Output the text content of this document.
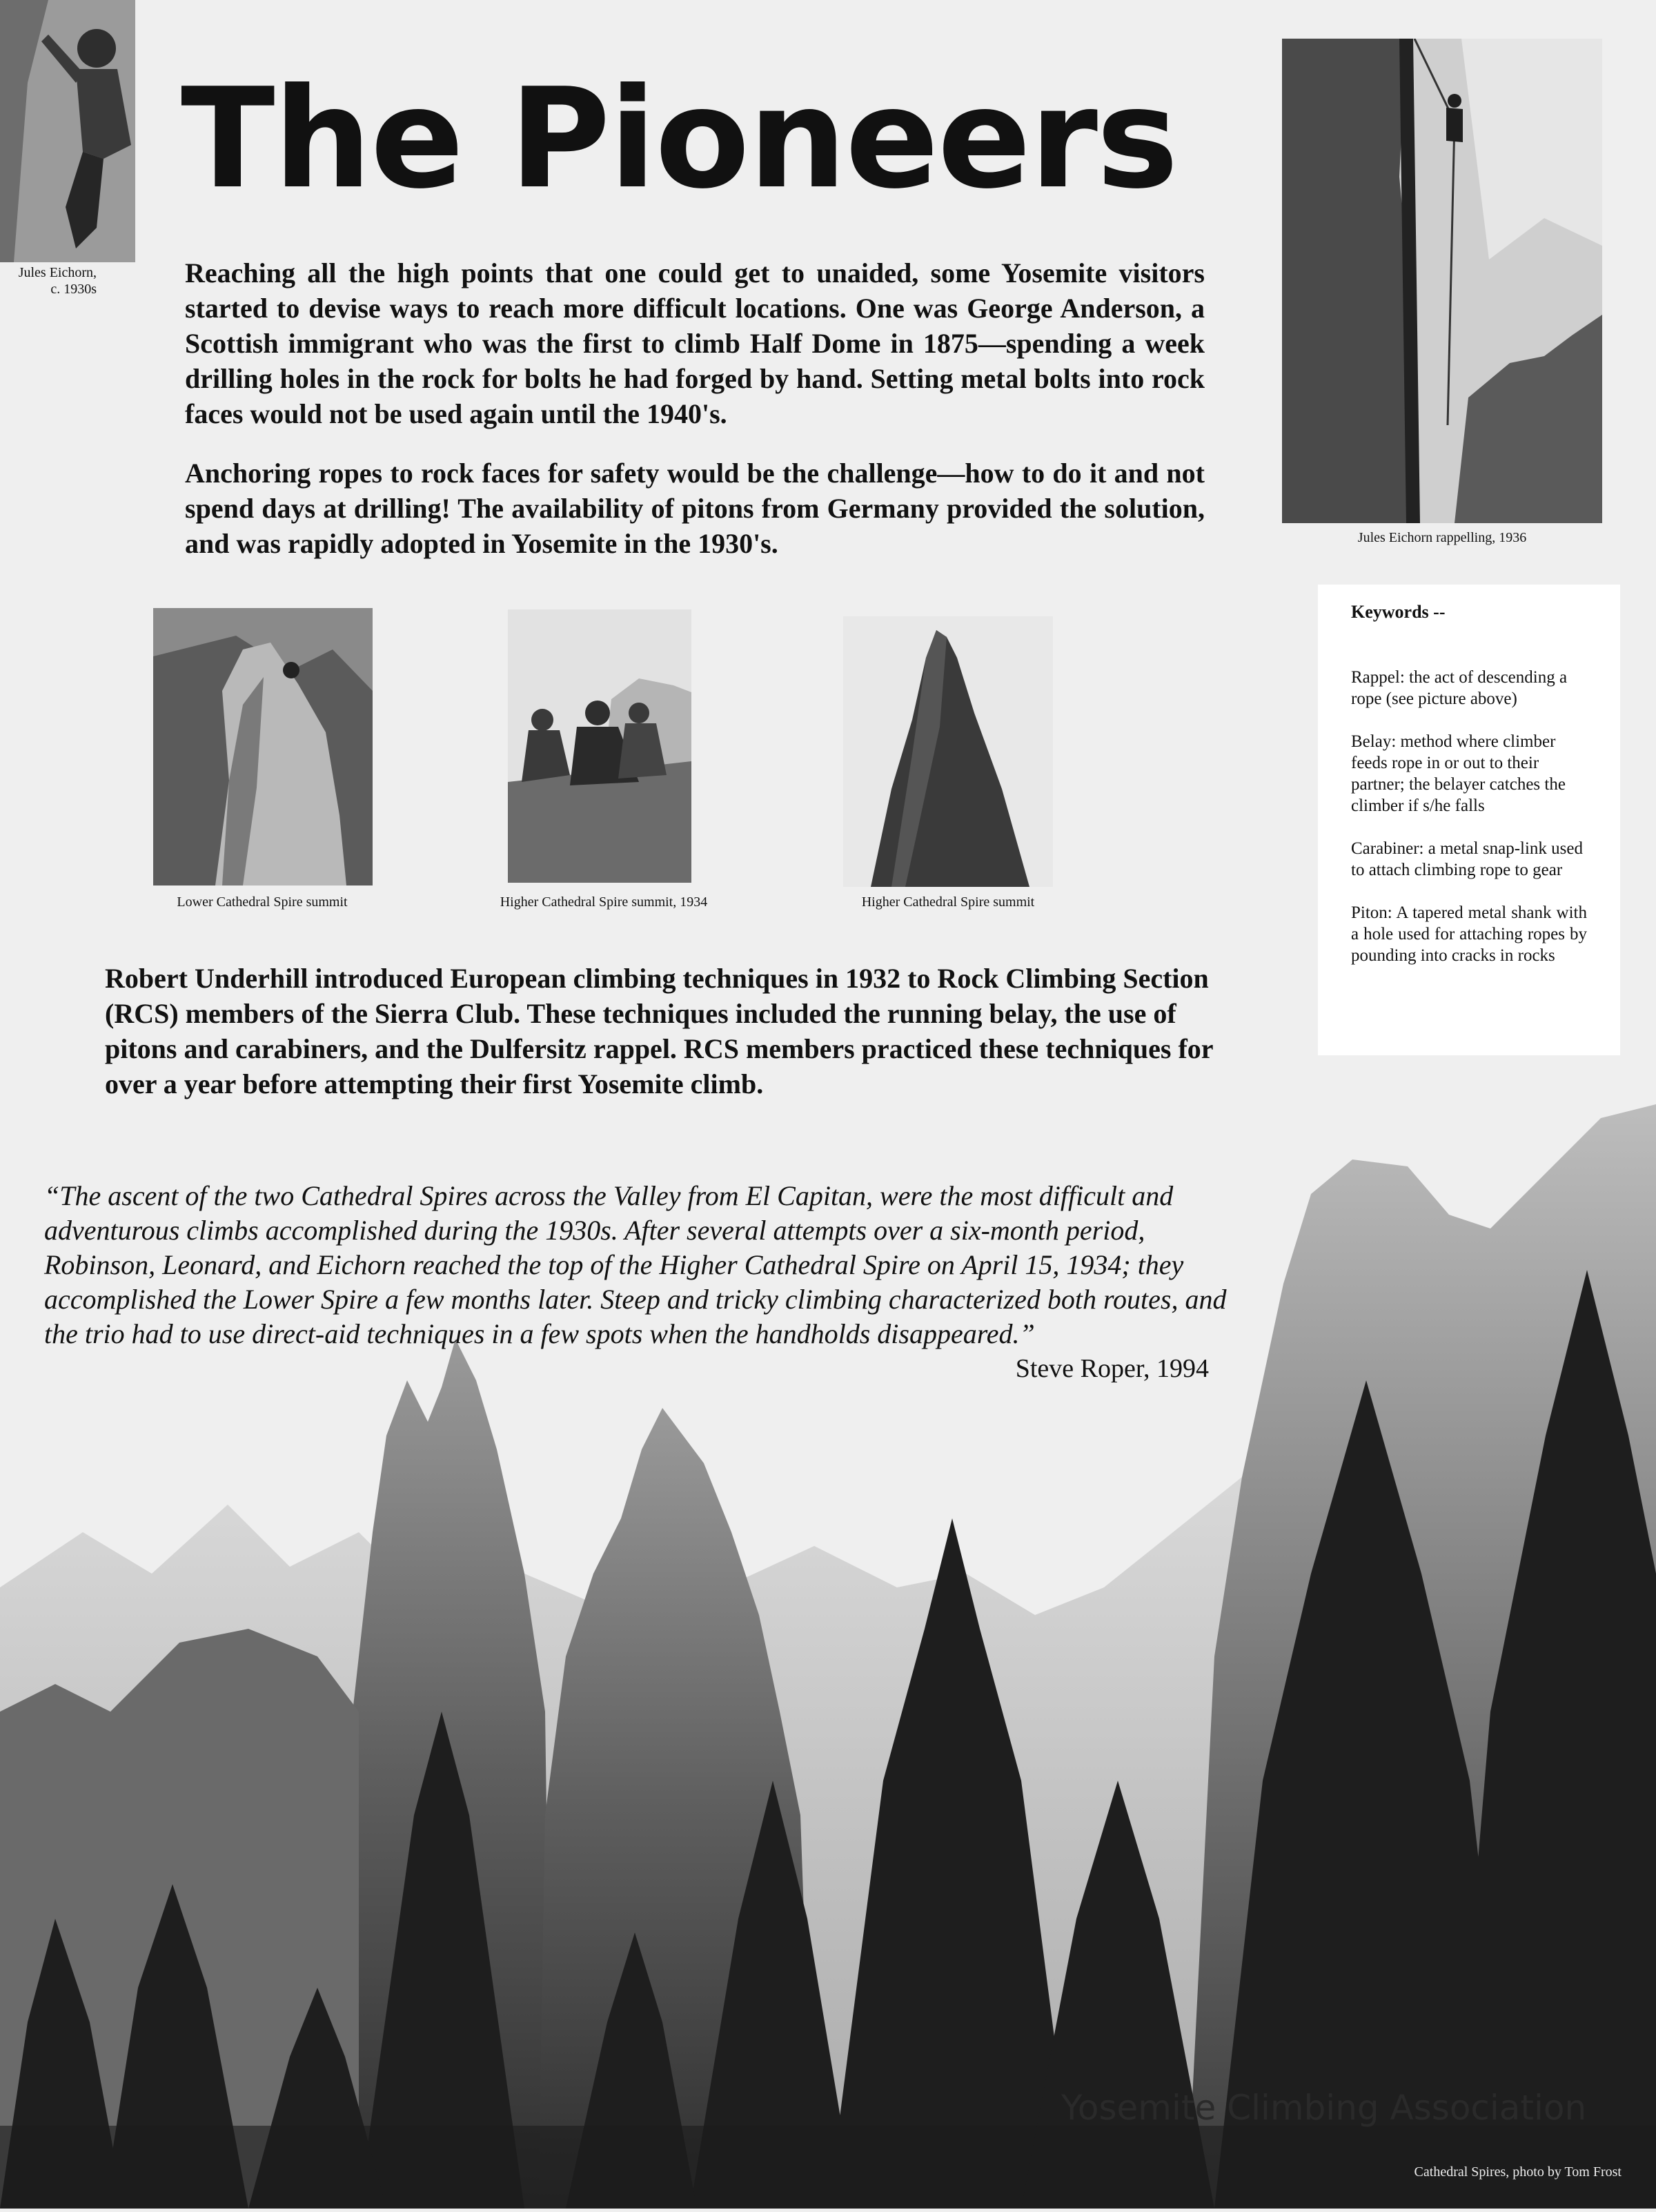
Jules Eichorn,
c. 1930s
The Pioneers

Reaching all the high points that one could get to unaided, some Yosemite visitors started to devise ways to reach more difficult locations. One was George Anderson, a Scottish immigrant who was the first to climb Half Dome in 1875—spending a week drilling holes in the rock for bolts he had forged by hand. Setting metal bolts into rock faces would not be used again until the 1940's.

Anchoring ropes to rock faces for safety would be the challenge—how to do it and not spend days at drilling! The availability of pitons from Germany provided the solution, and was rapidly adopted in Yosemite in the 1930's.	Jules Eichorn rappelling, 1936
Keywords --

Rappel: the act of descending a rope (see picture above)

Belay: method where climber feeds rope in or out to their partner; the belayer catches the climber if s/he falls

Carabiner: a metal snap-link used to attach climbing rope to gear

Piton: A tapered metal shank with a hole used for attaching ropes by pounding into cracks in rocks

Lower Cathedral Spire summit	Higher Cathedral Spire summit, 1934	Higher Cathedral Spire summit

Robert Underhill introduced European climbing techniques in 1932 to Rock Climbing Section (RCS) members of the Sierra Club. These techniques included the running belay, the use of pitons and carabiners, and the Dulfersitz rappel. RCS members practiced these techniques for over a year before attempting their first Yosemite climb.

“The ascent of the two Cathedral Spires across the Valley from El Capitan, were the most difficult and adventurous climbs accomplished during the 1930s. After several attempts over a six-month period, Robinson, Leonard, and Eichorn reached the top of the Higher Cathedral Spire on April 15, 1934; they accomplished the Lower Spire a few months later. Steep and tricky climbing characterized both routes, and the trio had to use direct-aid techniques in a few spots when the handholds disappeared.”

Steve Roper, 1994

Yosemite Climbing Association

Cathedral Spires, photo by Tom Frost
